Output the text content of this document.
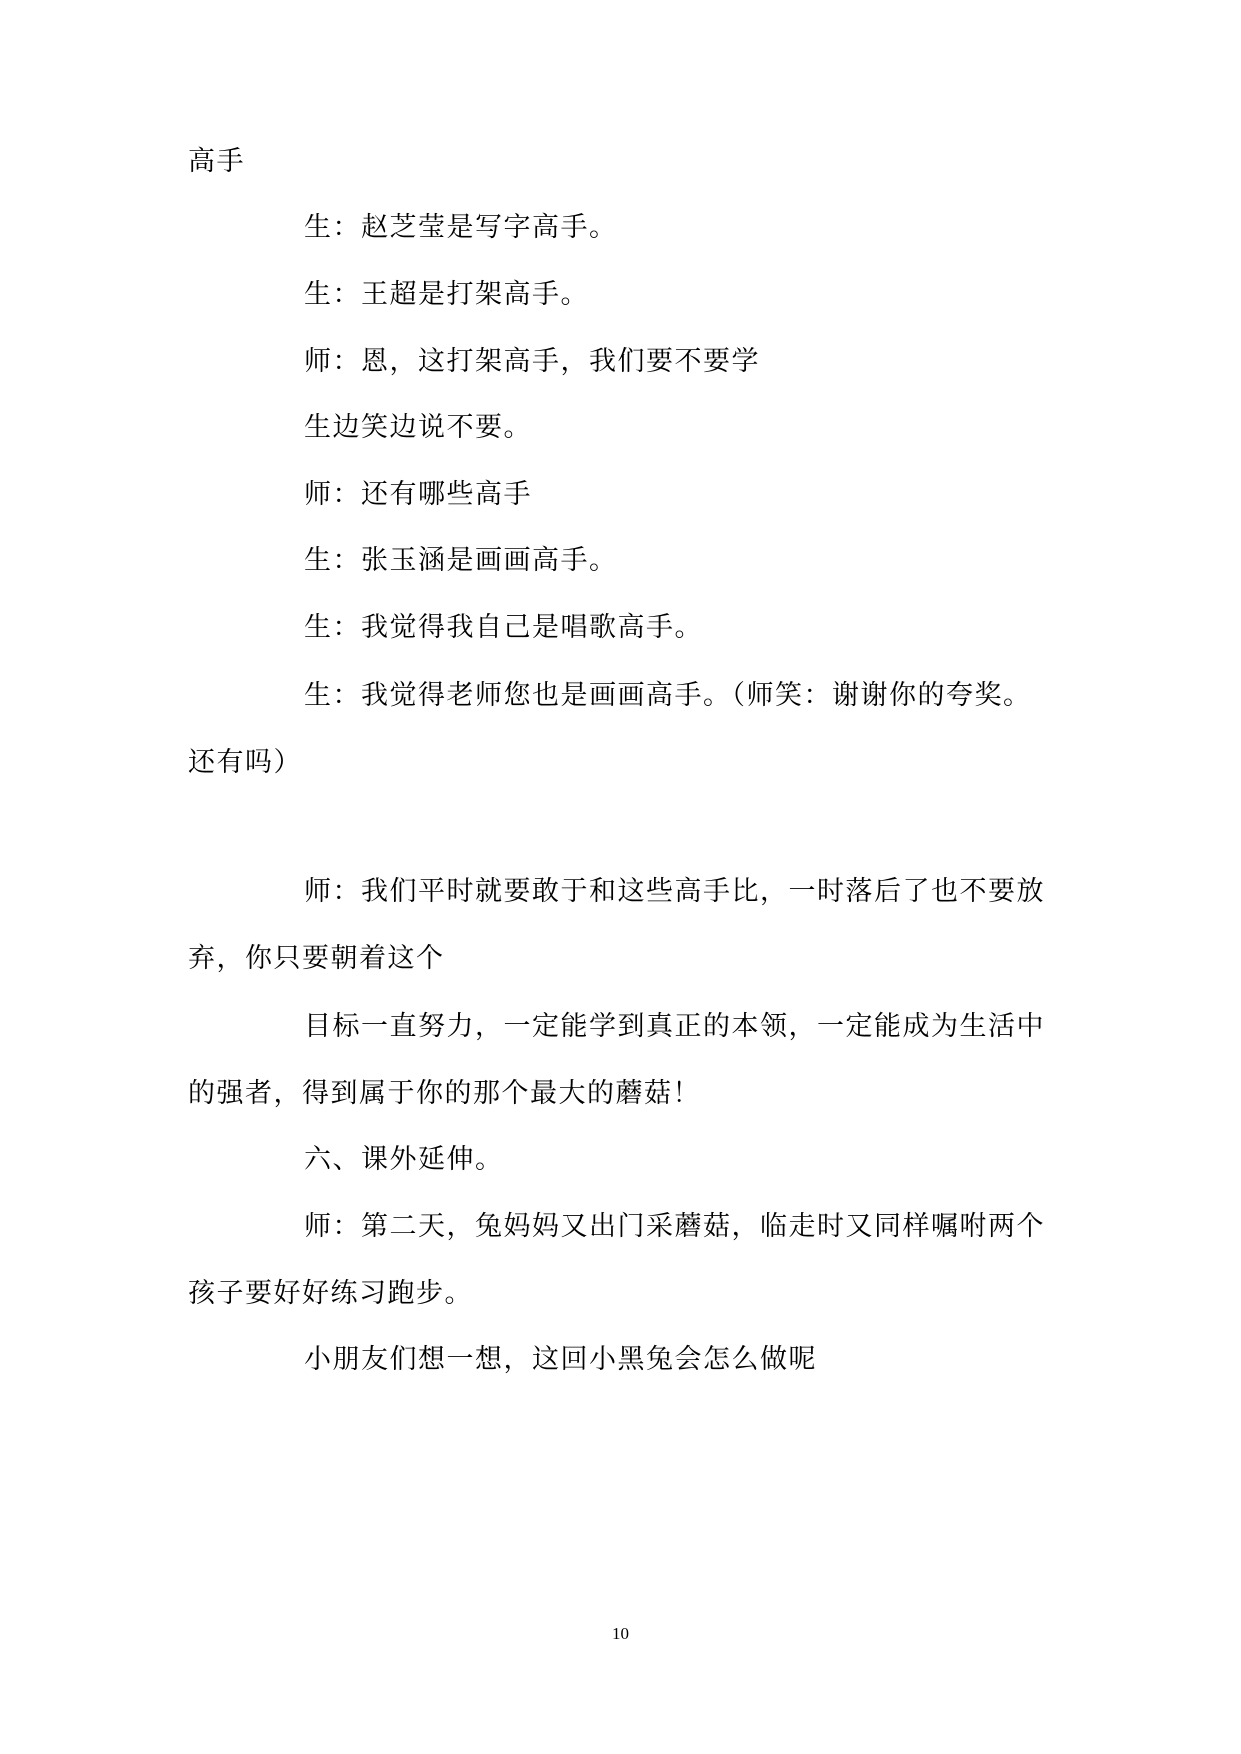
高手
生：赵芝莹是写字高手。
生：王超是打架高手。
师：恩，这打架高手，我们要不要学
生边笑边说不要。
师：还有哪些高手
生：张玉涵是画画高手。
生：我觉得我自己是唱歌高手。
生：我觉得老师您也是画画高手。（师笑：谢谢你的夸奖。
还有吗）
师：我们平时就要敢于和这些高手比，一时落后了也不要放
弃，你只要朝着这个
目标一直努力，一定能学到真正的本领，一定能成为生活中
的强者，得到属于你的那个最大的蘑菇！
六、课外延伸。
师：第二天，兔妈妈又出门采蘑菇，临走时又同样嘱咐两个
孩子要好好练习跑步。
小朋友们想一想，这回小黑兔会怎么做呢
10
